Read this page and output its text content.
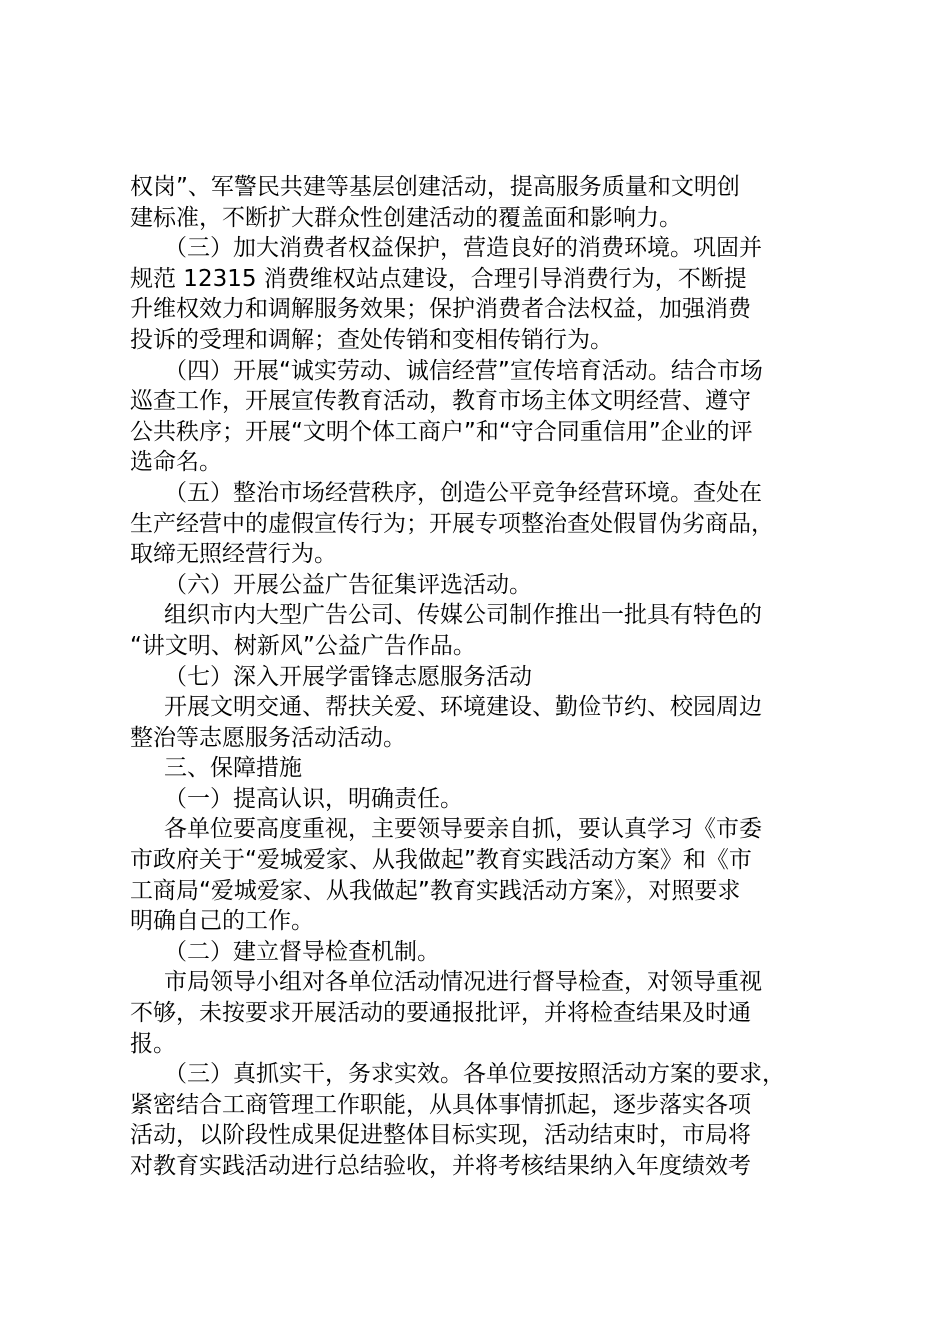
权岗”、军警民共建等基层创建活动，提高服务质量和文明创
建标准，不断扩大群众性创建活动的覆盖面和影响力。
（三）加大消费者权益保护，营造良好的消费环境。巩固并
规范 12315 消费维权站点建设，合理引导消费行为，不断提
升维权效力和调解服务效果；保护消费者合法权益，加强消费
投诉的受理和调解；查处传销和变相传销行为。
（四）开展“诚实劳动、诚信经营”宣传培育活动。结合市场
巡查工作，开展宣传教育活动，教育市场主体文明经营、遵守
公共秩序；开展“文明个体工商户”和“守合同重信用”企业的评
选命名。
（五）整治市场经营秩序，创造公平竞争经营环境。查处在
生产经营中的虚假宣传行为；开展专项整治查处假冒伪劣商品，
取缔无照经营行为。
（六）开展公益广告征集评选活动。
组织市内大型广告公司、传媒公司制作推出一批具有特色的
“讲文明、树新风”公益广告作品。
（七）深入开展学雷锋志愿服务活动
开展文明交通、帮扶关爱、环境建设、勤俭节约、校园周边
整治等志愿服务活动活动。
三、保障措施
（一）提高认识，明确责任。
各单位要高度重视，主要领导要亲自抓，要认真学习《市委
市政府关于“爱城爱家、从我做起”教育实践活动方案》和《市
工商局“爱城爱家、从我做起”教育实践活动方案》，对照要求
明确自己的工作。
（二）建立督导检查机制。
市局领导小组对各单位活动情况进行督导检查，对领导重视
不够，未按要求开展活动的要通报批评，并将检查结果及时通
报。
（三）真抓实干，务求实效。各单位要按照活动方案的要求，
紧密结合工商管理工作职能，从具体事情抓起，逐步落实各项
活动，以阶段性成果促进整体目标实现，活动结束时，市局将
对教育实践活动进行总结验收，并将考核结果纳入年度绩效考
